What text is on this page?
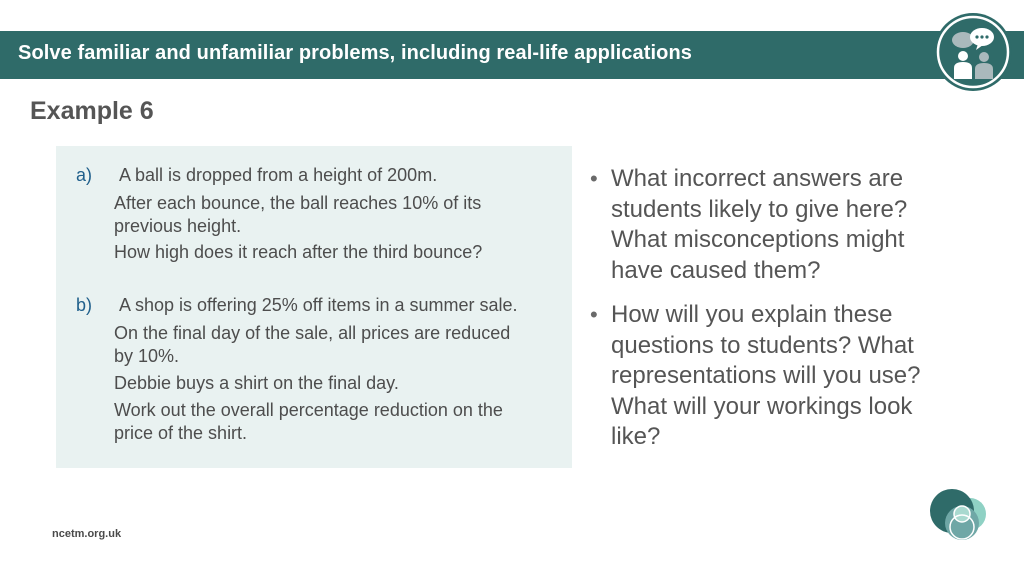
Solve familiar and unfamiliar problems, including real-life applications
Example 6
a) A ball is dropped from a height of 200m.
After each bounce, the ball reaches 10% of its
previous height.
How high does it reach after the third bounce?
b) A shop is offering 25% off items in a summer sale.
On the final day of the sale, all prices are reduced
by 10%.
Debbie buys a shirt on the final day.
Work out the overall percentage reduction on the
price of the shirt.
• What incorrect answers are
students likely to give here?
What misconceptions might
have caused them?
• How will you explain these
questions to students? What
representations will you use?
What will your workings look
like?
ncetm.org.uk
